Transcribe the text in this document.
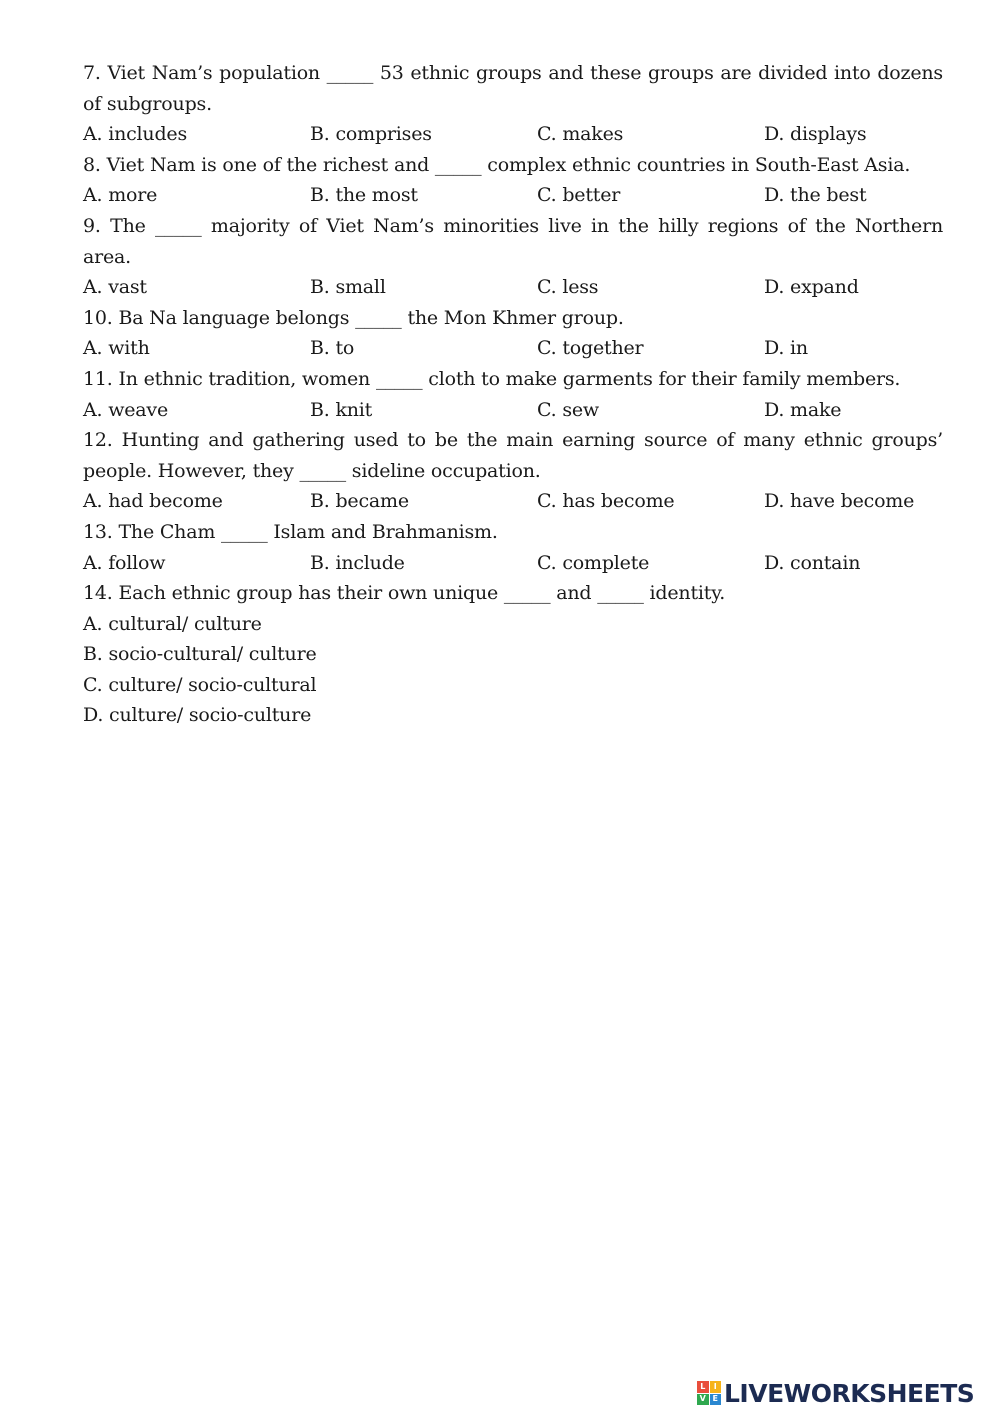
7. Viet Nam’s population _____ 53 ethnic groups and these groups are divided into dozens of subgroups.

A. includes	B. comprises	C. makes	D. displays

8. Viet Nam is one of the richest and _____ complex ethnic countries in South-East Asia.

A. more	B. the most	C. better	D. the best

9. The _____ majority of Viet Nam’s minorities live in the hilly regions of the Northern area.

A. vast	B. small	C. less	D. expand

10. Ba Na language belongs _____ the Mon Khmer group.

A. with	B. to	C. together	D. in

11. In ethnic tradition, women _____ cloth to make garments for their family members.

A. weave	B. knit	C. sew	D. make

12. Hunting and gathering used to be the main earning source of many ethnic groups’ people. However, they _____ sideline occupation.

A. had become	B. became	C. has become	D. have become

13. The Cham _____ Islam and Brahmanism.

A. follow	B. include	C. complete	D. contain

14. Each ethnic group has their own unique _____ and _____ identity.

A. cultural/ culture
B. socio-cultural/ culture
C. culture/ socio-cultural
D. culture/ socio-culture
L	I
V E LIVEWORKSHEETS
